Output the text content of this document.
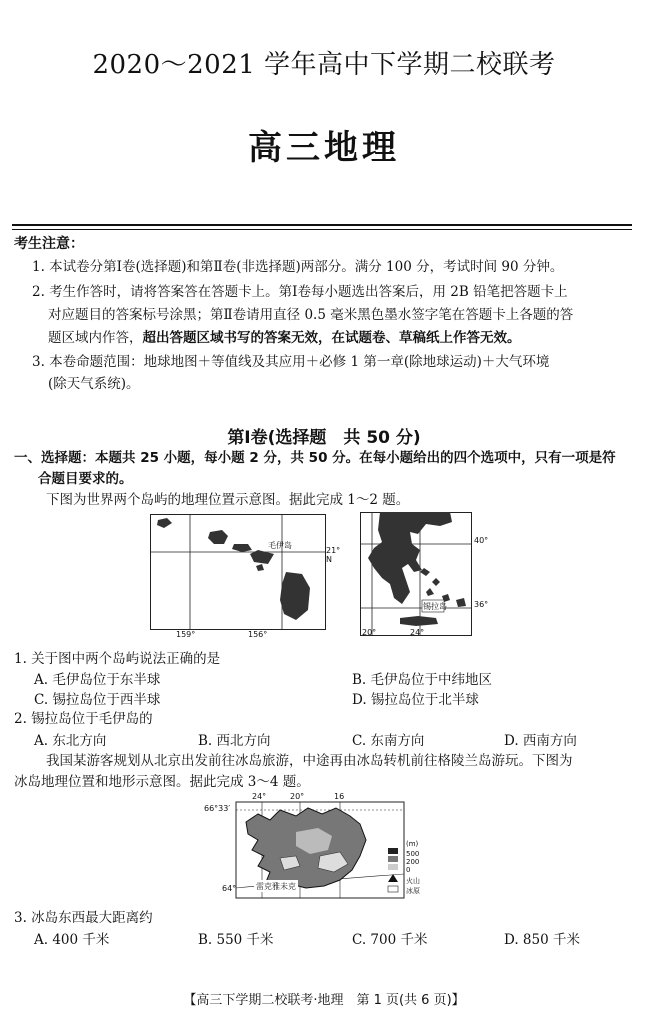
2020～2021 学年高中下学期二校联考
高三地理
考生注意：
1. 本试卷分第Ⅰ卷(选择题)和第Ⅱ卷(非选择题)两部分。满分 100 分，考试时间 90 分钟。
2. 考生作答时，请将答案答在答题卡上。第Ⅰ卷每小题选出答案后，用 2B 铅笔把答题卡上
对应题目的答案标号涂黑；第Ⅱ卷请用直径 0.5 毫米黑色墨水签字笔在答题卡上各题的答
题区域内作答，超出答题区域书写的答案无效，在试题卷、草稿纸上作答无效。
3. 本卷命题范围：地球地图＋等值线及其应用＋必修 1 第一章(除地球运动)＋大气环境
(除天气系统)。
第Ⅰ卷(选择题　共 50 分)
一、选择题：本题共 25 小题，每小题 2 分，共 50 分。在每小题给出的四个选项中，只有一项是符
合题目要求的。
下图为世界两个岛屿的地理位置示意图。据此完成 1～2 题。
毛伊岛
21° N
159°	156°
锡拉岛
40°
36°
20°	24°
1. 关于图中两个岛屿说法正确的是
A. 毛伊岛位于东半球	B. 毛伊岛位于中纬地区
C. 锡拉岛位于西半球	D. 锡拉岛位于北半球
2. 锡拉岛位于毛伊岛的
A. 东北方向	B. 西北方向	C. 东南方向	D. 西南方向
我国某游客规划从北京出发前往冰岛旅游，中途再由冰岛转机前往格陵兰岛游玩。下图为
冰岛地理位置和地形示意图。据此完成 3～4 题。
24°	20°	16
66°33′
64° 雷克雅未克
(m)
500
200
0
火山
冰原
3. 冰岛东西最大距离约
A. 400 千米	B. 550 千米	C. 700 千米	D. 850 千米
【高三下学期二校联考·地理　第 1 页(共 6 页)】
